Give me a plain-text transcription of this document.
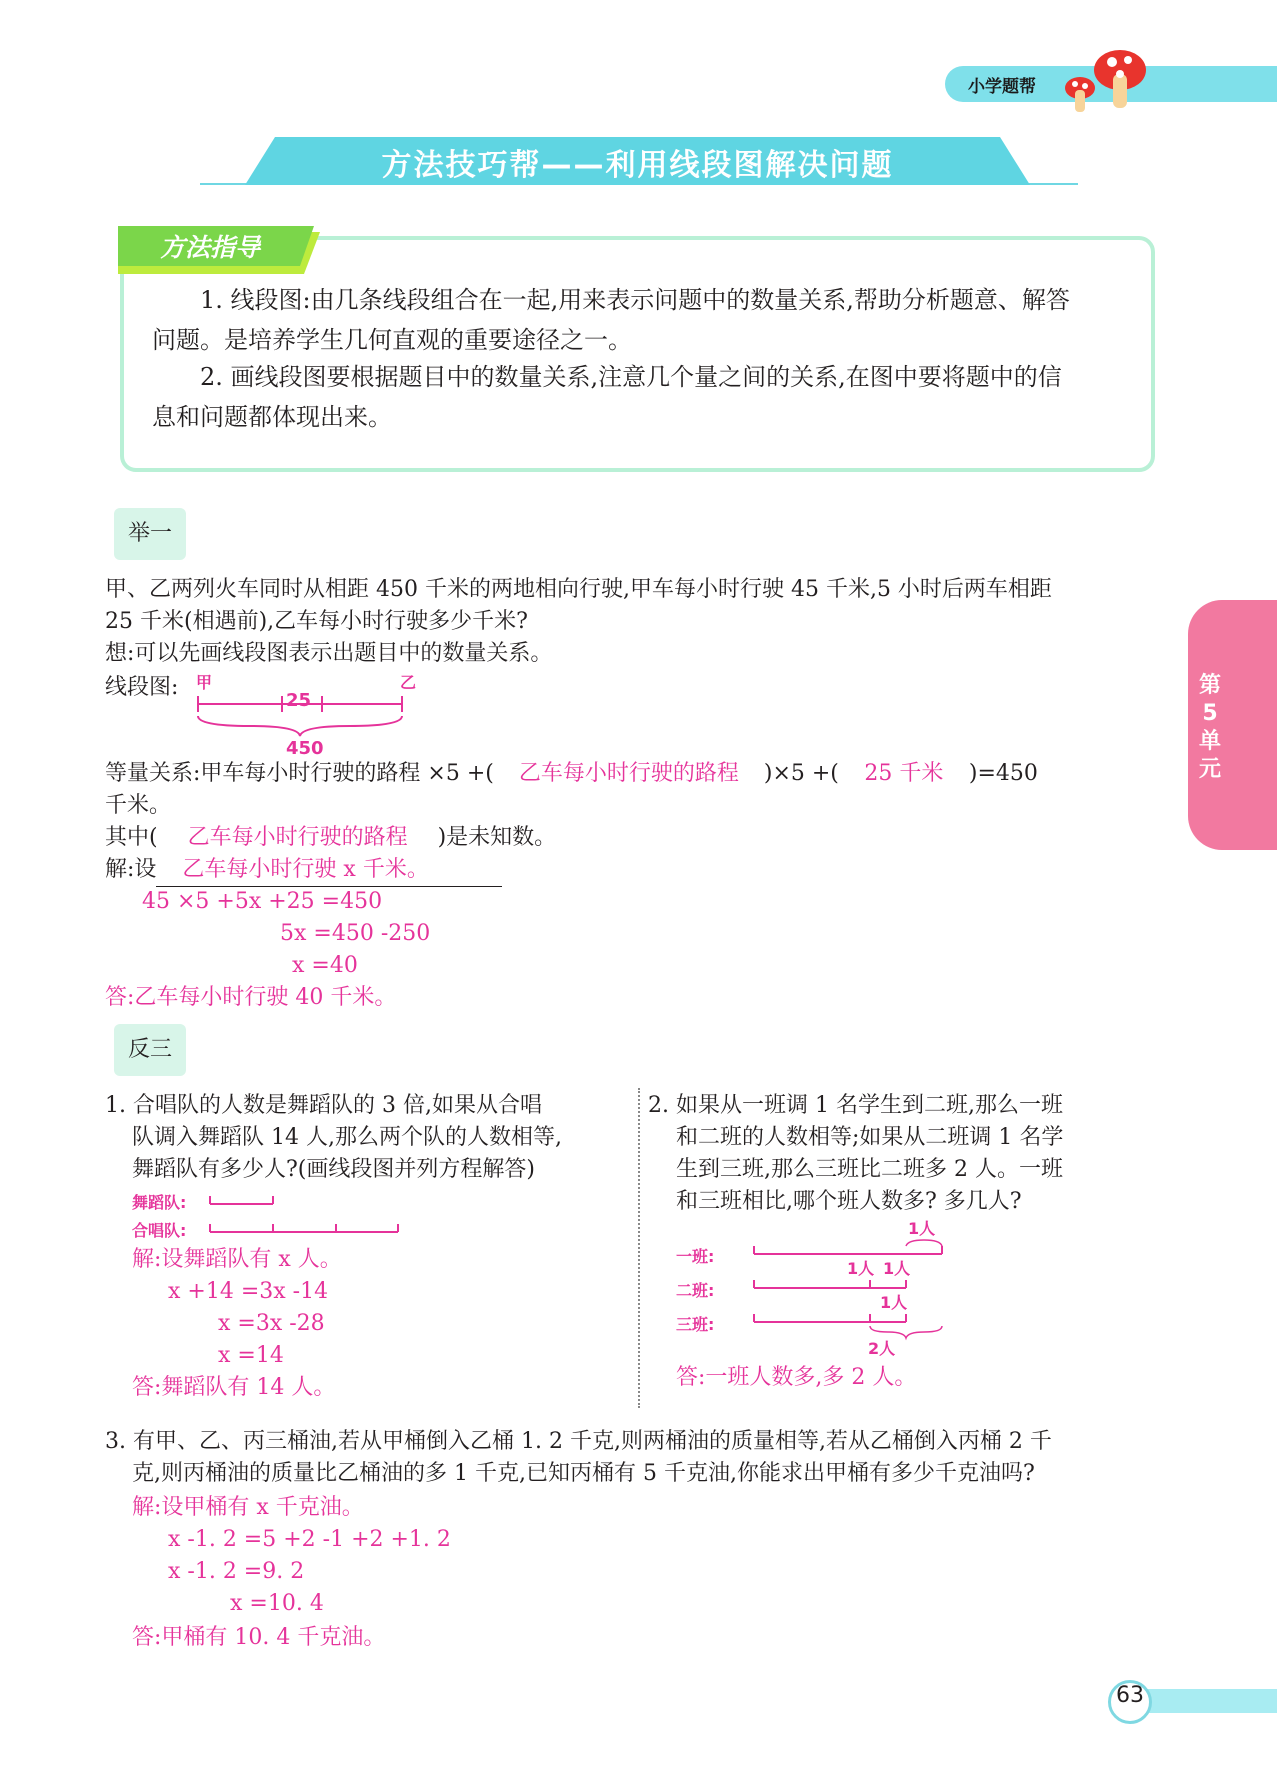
小学题帮
方法技巧帮——利用线段图解决问题
方法指导
1. 线段图:由几条线段组合在一起,用来表示问题中的数量关系,帮助分析题意、解答
问题。是培养学生几何直观的重要途径之一。
2. 画线段图要根据题目中的数量关系,注意几个量之间的关系,在图中要将题中的信
息和问题都体现出来。
第5单元
举一
甲、乙两列火车同时从相距 450 千米的两地相向行驶,甲车每小时行驶 45 千米,5 小时后两车相距
25 千米(相遇前),乙车每小时行驶多少千米?
想:可以先画线段图表示出题目中的数量关系。
线段图: 甲	乙
25
450
等量关系:甲车每小时行驶的路程 ×5 +( 乙车每小时行驶的路程 )×5 +( 25 千米 )=450
千米。
其中( 乙车每小时行驶的路程 )是未知数。
解:设 乙车每小时行驶 x 千米。
45 ×5 +5x +25 =450
5x =450 -250
x =40
答:乙车每小时行驶 40 千米。
反三
1. 合唱队的人数是舞蹈队的 3 倍,如果从合唱
队调入舞蹈队 14 人,那么两个队的人数相等,
舞蹈队有多少人?(画线段图并列方程解答)
舞蹈队:
合唱队:
解:设舞蹈队有 x 人。
x +14 =3x -14
x =3x -28
x =14
答:舞蹈队有 14 人。
2. 如果从一班调 1 名学生到二班,那么一班
和二班的人数相等;如果从二班调 1 名学
生到三班,那么三班比二班多 2 人。一班
和三班相比,哪个班人数多? 多几人?
一班:
二班:
三班:
1人
1人 1人
1人
2人
答:一班人数多,多 2 人。
3. 有甲、乙、丙三桶油,若从甲桶倒入乙桶 1. 2 千克,则两桶油的质量相等,若从乙桶倒入丙桶 2 千
克,则丙桶油的质量比乙桶油的多 1 千克,已知丙桶有 5 千克油,你能求出甲桶有多少千克油吗?
解:设甲桶有 x 千克油。
x -1. 2 =5 +2 -1 +2 +1. 2
x -1. 2 =9. 2
x =10. 4
答:甲桶有 10. 4 千克油。
63
